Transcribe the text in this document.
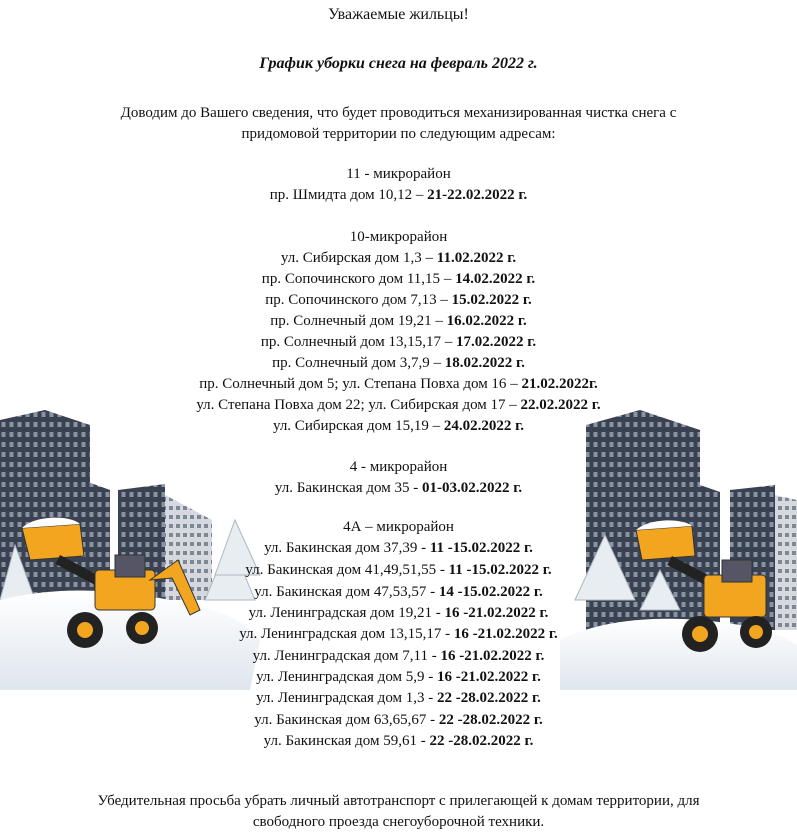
Уважаемые жильцы!
График уборки снега на февраль 2022 г.
Доводим до Вашего сведения, что будет проводиться механизированная чистка снега с
придомовой территории по следующим адресам:
11 - микрорайон
пр. Шмидта дом 10,12 – 21-22.02.2022 г.
10-микрорайон
ул. Сибирская дом 1,3 – 11.02.2022 г.
пр. Сопочинского дом 11,15 – 14.02.2022 г.
пр. Сопочинского дом 7,13 – 15.02.2022 г.
пр. Солнечный дом 19,21 – 16.02.2022 г.
пр. Солнечный дом 13,15,17 – 17.02.2022 г.
пр. Солнечный дом 3,7,9 – 18.02.2022 г.
пр. Солнечный дом 5; ул. Степана Повха дом 16 – 21.02.2022г.
ул. Степана Повха дом 22; ул. Сибирская дом 17 – 22.02.2022 г.
ул. Сибирская дом 15,19 – 24.02.2022 г.
4 - микрорайон
ул. Бакинская дом 35 - 01-03.02.2022 г.
4А – микрорайон
ул. Бакинская дом 37,39 - 11 -15.02.2022 г.
ул. Бакинская дом 41,49,51,55 - 11 -15.02.2022 г.
ул. Бакинская дом 47,53,57 - 14 -15.02.2022 г.
ул. Ленинградская дом 19,21 - 16 -21.02.2022 г.
ул. Ленинградская дом 13,15,17 - 16 -21.02.2022 г.
ул. Ленинградская дом 7,11 - 16 -21.02.2022 г.
ул. Ленинградская дом 5,9 - 16 -21.02.2022 г.
ул. Ленинградская дом 1,3 - 22 -28.02.2022 г.
ул. Бакинская дом 63,65,67 - 22 -28.02.2022 г.
ул. Бакинская дом 59,61 - 22 -28.02.2022 г.
Убедительная просьба убрать личный автотранспорт с прилегающей к домам территории, для
свободного проезда снегоуборочной техники.
